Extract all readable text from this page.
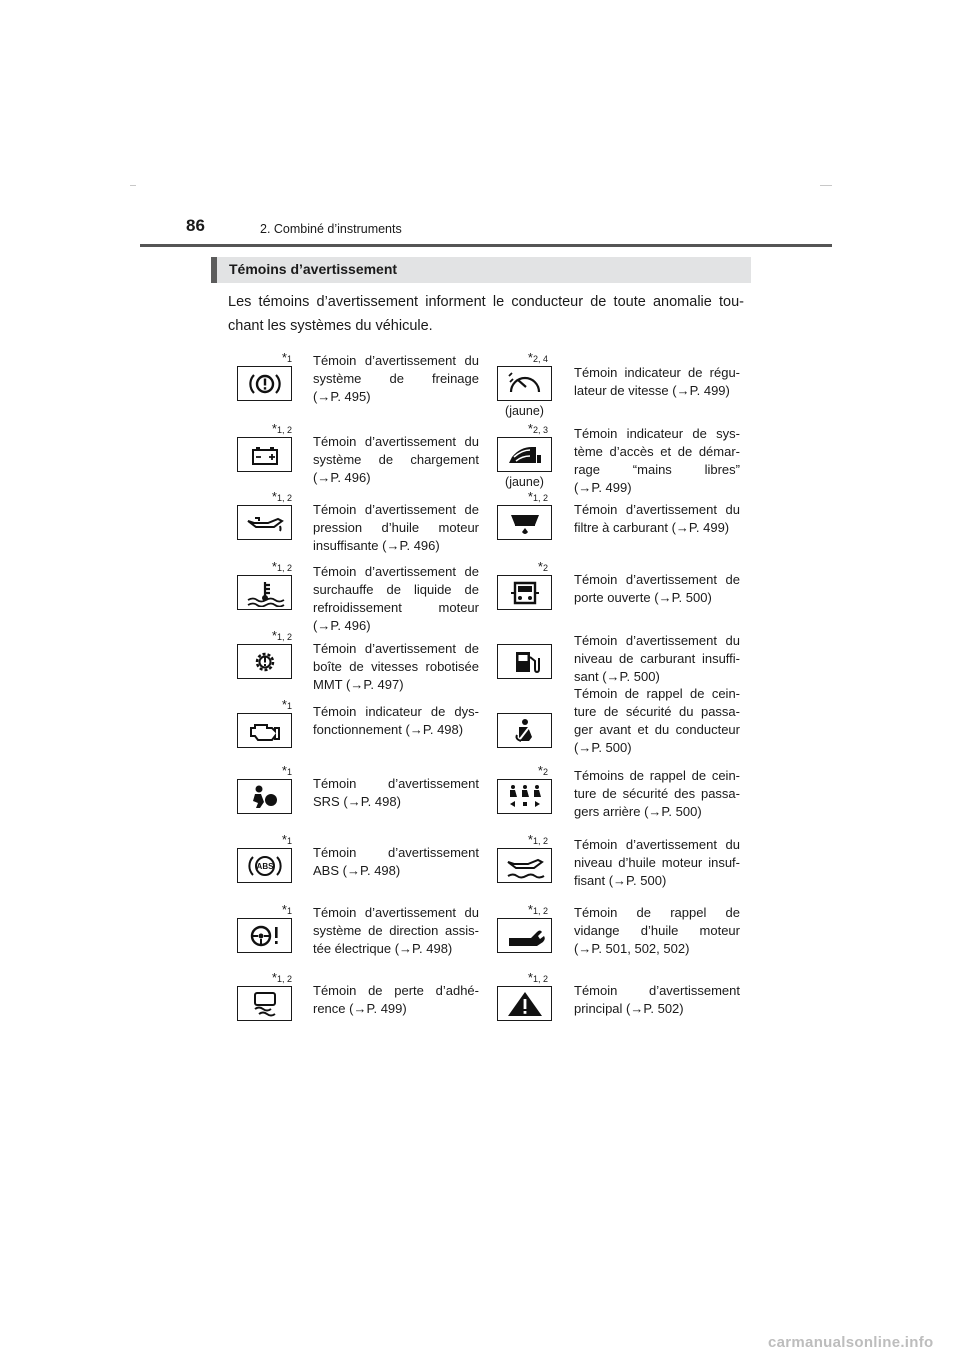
86	2. Combiné d’instruments
Témoins d’avertissement
Les témoins d’avertissement informent le conducteur de toute anomalie tou-chant les systèmes du véhicule.
*1 Témoin d’avertissement du système de freinage (→P. 495)
*1, 2
Témoin d’avertissement du système de chargement (→P. 496)
*1, 2
Témoin d’avertissement de pression d’huile moteur insuffisante (→P. 496)
*1, 2 Témoin d’avertissement de surchauffe de liquide de refroidissement moteur (→P. 496)
*1, 2
Témoin d’avertissement de boîte de vitesses robotisée MMT (→P. 497)
*1 Témoin indicateur de dys-fonctionnement (→P. 498)
*1
Témoin d’avertissement SRS (→P. 498)
*1
ABS
Témoin d’avertissement ABS (→P. 498)
*1 Témoin d’avertissement du système de direction assis-tée électrique (→P. 498)
*1, 2
Témoin de perte d’adhé-rence (→P. 499)
*2, 4
(jaune)
Témoin indicateur de régu-lateur de vitesse (→P. 499)
*2, 3
(jaune)
Témoin indicateur de sys-tème d’accès et de démar-rage “mains libres” (→P. 499)
*1, 2
Témoin d’avertissement du filtre à carburant (→P. 499)
*2
Témoin d’avertissement de porte ouverte (→P. 500)
Témoin d’avertissement du niveau de carburant insuffi-sant (→P. 500)
Témoin de rappel de cein-ture de sécurité du passa-ger avant et du conducteur (→P. 500)
*2 Témoins de rappel de cein-ture de sécurité des passa-gers arrière (→P. 500)
*1, 2 Témoin d’avertissement du niveau d’huile moteur insuf-fisant (→P. 500)
*1, 2 Témoin de rappel de vidange d’huile moteur (→P. 501, 502, 502)
*1, 2
Témoin d’avertissement principal (→P. 502)
carmanualsonline.info
